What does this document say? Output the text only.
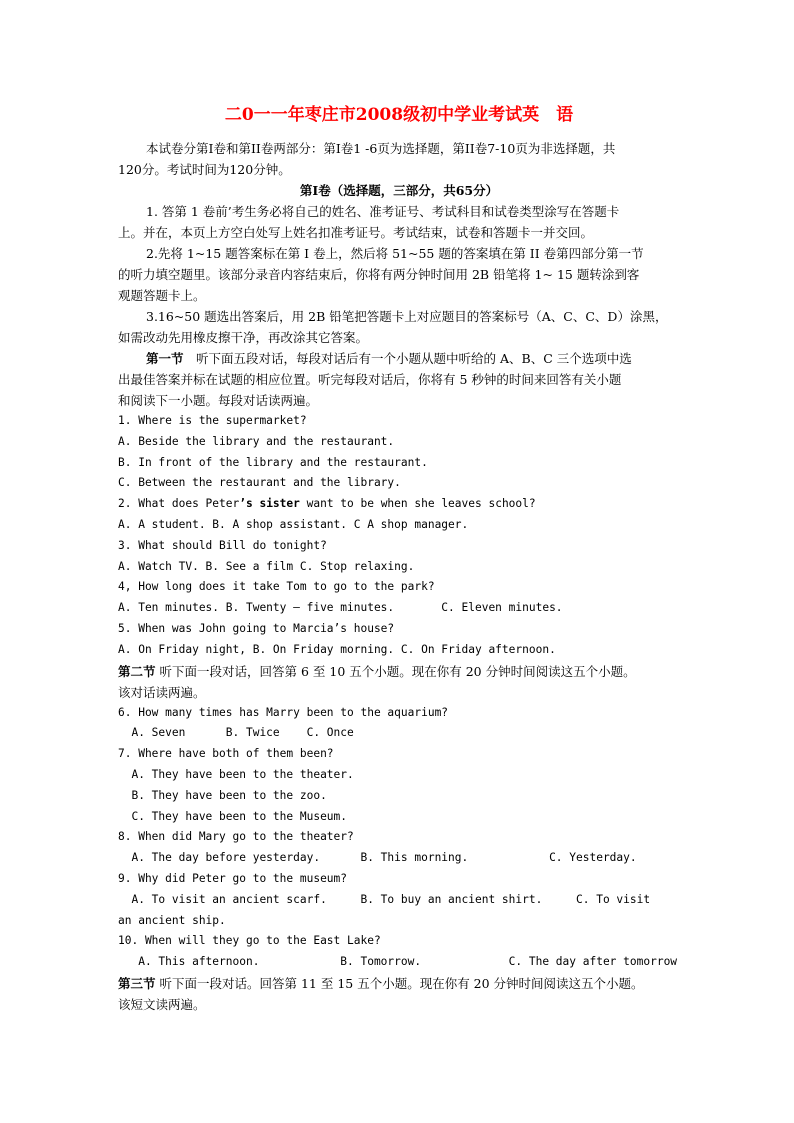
二0一一年枣庄市2008级初中学业考试英　语

本试卷分第I卷和第II卷两部分：第I卷1 -6页为选择题，第II卷7-10页为非选择题，共

120分。考试时间为120分钟。

第I卷（选择题，三部分，共65分）

1. 答第 1 卷前’考生务必将自己的姓名、准考证号、考试科目和试卷类型涂写在答题卡

上。并在，本页上方空白处写上姓名扣准考证号。考试结束，试卷和答题卡一并交回。

2.先将 1~15 题答案标在第 I 卷上，然后将 51~55 题的答案填在第 II 卷第四部分第一节

的听力填空题里。该部分录音内容结束后，你将有两分钟时间用 2B 铅笔将 1~ 15 题转涂到客

观题答题卡上。

3.16~50 题选出答案后，用 2B 铅笔把答题卡上对应题目的答案标号（A、C、C、D）涂黑，

如需改动先用橡皮擦干净，再改涂其它答案。

第一节　听下面五段对话，每段对话后有一个小题从题中听给的 A、B、C 三个选项中选

出最佳答案并标在试题的相应位置。听完每段对话后，你将有 5 秒钟的时间来回答有关小题

和阅读下一小题。每段对话读两遍。

1. Where is the supermarket?

A. Beside the library and the restaurant.

B. In front of the library and the restaurant.

C. Between the restaurant and the library.

2. What does Peter’s sister want to be when she leaves school?

A. A student. B. A shop assistant. C A shop manager.

3. What should Bill do tonight?

A. Watch TV. B. See a film C. Stop relaxing.

4, How long does it take Tom to go to the park?

A. Ten minutes. B. Twenty – five minutes.       C. Eleven minutes.

5. When was John going to Marcia’s house?

A. On Friday night, B. On Friday morning. C. On Friday afternoon.

第二节 听下面一段对话，回答第 6 至 10 五个小题。现在你有 20 分钟时间阅读这五个小题。

该对话读两遍。

6. How many times has Marry been to the aquarium?

A. Seven      B. Twice    C. Once

7. Where have both of them been?

A. They have been to the theater.

B. They have been to the zoo.

C. They have been to the Museum.

8. When did Mary go to the theater?

A. The day before yesterday.      B. This morning.            C. Yesterday.

9. Why did Peter go to the museum?

A. To visit an ancient scarf.     B. To buy an ancient shirt.     C. To visit

an ancient ship.

10. When will they go to the East Lake?

A. This afternoon.            B. Tomorrow.             C. The day after tomorrow

第三节 听下面一段对话。回答第 11 至 15 五个小题。现在你有 20 分钟时间阅读这五个小题。

该短文读两遍。
